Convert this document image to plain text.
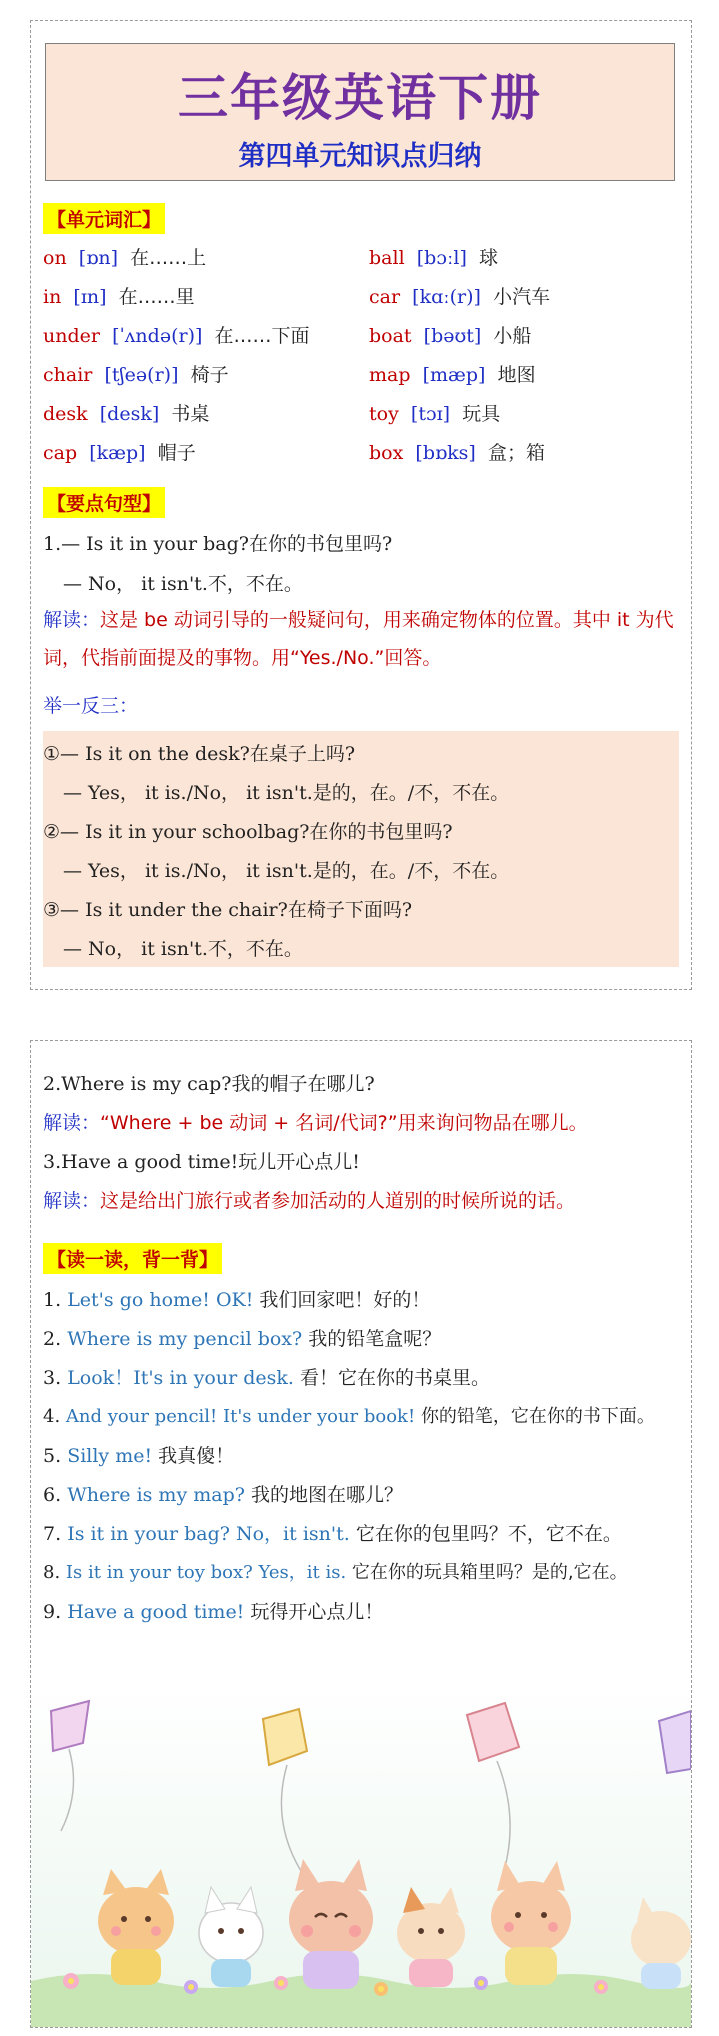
三年级英语下册
第四单元知识点归纳
【单元词汇】
on [ɒn] 在……上
in [ɪn] 在……里
under [ˈʌndə(r)] 在……下面
chair [tʃeə(r)] 椅子
desk [desk] 书桌
cap [kæp] 帽子
ball [bɔːl] 球
car [kɑː(r)] 小汽车
boat [bəʊt] 小船
map [mæp] 地图
toy [tɔɪ] 玩具
box [bɒks] 盒；箱
【要点句型】
1.— Is it in your bag?在你的书包里吗?
— No， it isn't.不，不在。
解读：这是 be 动词引导的一般疑问句，用来确定物体的位置。其中 it 为代词，代指前面提及的事物。用“Yes./No.”回答。
举一反三：
①— Is it on the desk?在桌子上吗?
— Yes， it is./No， it isn't.是的，在。/不，不在。
②— Is it in your schoolbag?在你的书包里吗?
— Yes， it is./No， it isn't.是的，在。/不，不在。
③— Is it under the chair?在椅子下面吗?
— No， it isn't.不，不在。
2.Where is my cap?我的帽子在哪儿?
解读：“Where + be 动词 + 名词/代词?”用来询问物品在哪儿。
3.Have a good time!玩儿开心点儿!
解读：这是给出门旅行或者参加活动的人道别的时候所说的话。
【读一读，背一背】
1. Let's go home! OK! 我们回家吧！好的！
2. Where is my pencil box? 我的铅笔盒呢？
3. Look！It's in your desk. 看！它在你的书桌里。
4. And your pencil! It's under your book! 你的铅笔，它在你的书下面。
5. Silly me! 我真傻！
6. Where is my map? 我的地图在哪儿？
7. Is it in your bag? No，it isn't. 它在你的包里吗？不，它不在。
8. Is it in your toy box? Yes，it is. 它在你的玩具箱里吗？是的,它在。
9. Have a good time! 玩得开心点儿！
